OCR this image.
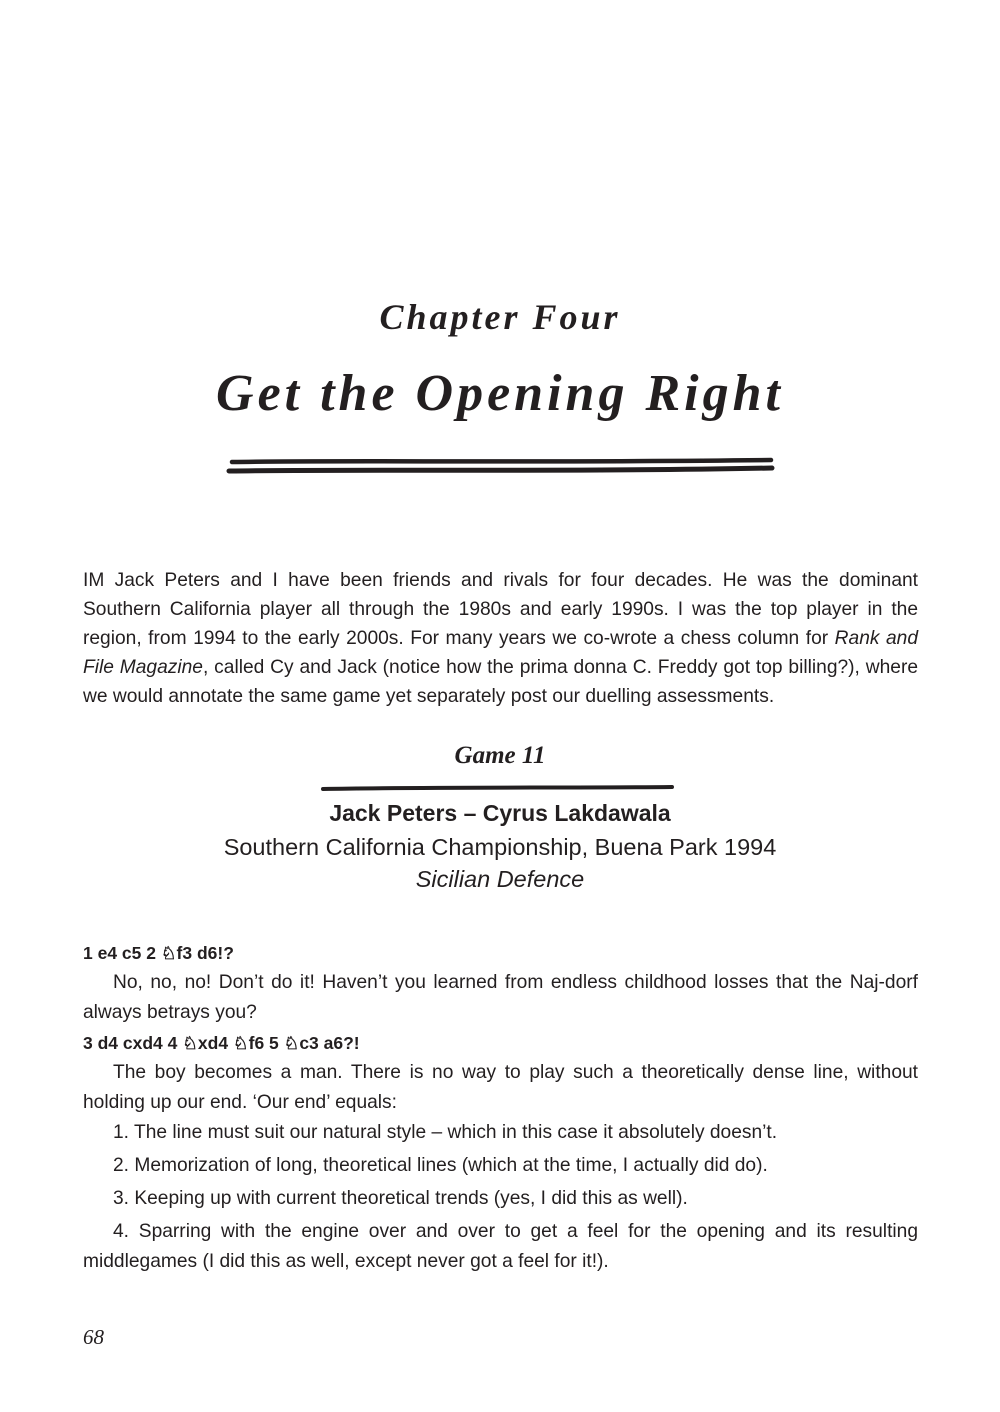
Chapter Four
Get the Opening Right

IM Jack Peters and I have been friends and rivals for four decades. He was the dominant Southern California player all through the 1980s and early 1990s. I was the top player in the region, from 1994 to the early 2000s. For many years we co-wrote a chess column for Rank and File Magazine, called Cy and Jack (notice how the prima donna C. Freddy got top billing?), where we would annotate the same game yet separately post our duelling assessments.

Game 11
Jack Peters – Cyrus Lakdawala
Southern California Championship, Buena Park 1994
Sicilian Defence

1 e4 c5 2 ♘f3 d6!?

No, no, no! Don’t do it! Haven’t you learned from endless childhood losses that the Naj-dorf always betrays you?

3 d4 cxd4 4 ♘xd4 ♘f6 5 ♘c3 a6?!

The boy becomes a man. There is no way to play such a theoretically dense line, without holding up our end. ‘Our end’ equals:

1. The line must suit our natural style – which in this case it absolutely doesn’t.

2. Memorization of long, theoretical lines (which at the time, I actually did do).

3. Keeping up with current theoretical trends (yes, I did this as well).

4. Sparring with the engine over and over to get a feel for the opening and its resulting middlegames (I did this as well, except never got a feel for it!).

68
